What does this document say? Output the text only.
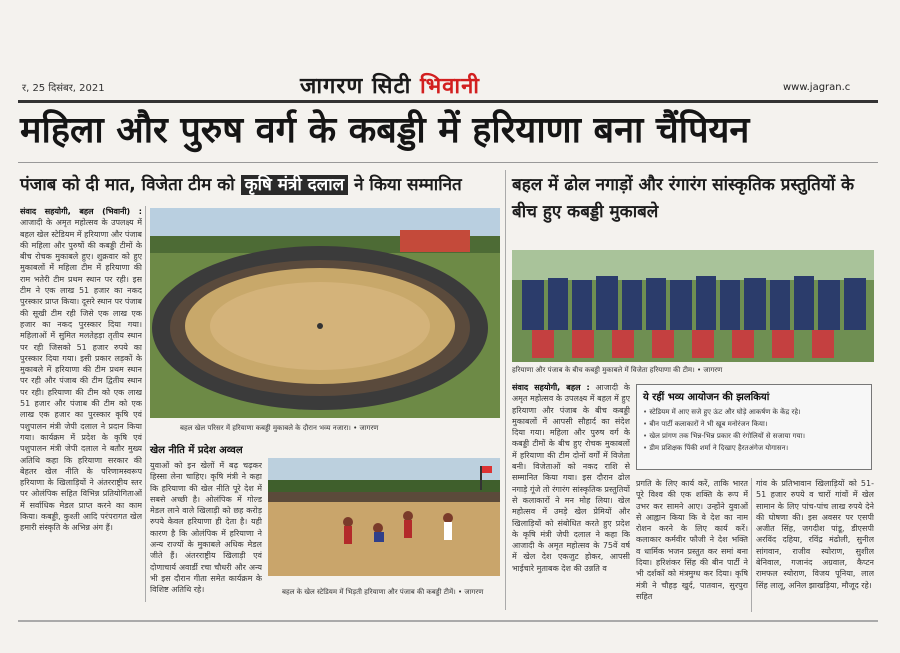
र, 25 दिसंबर, 2021	जागरण सिटी भिवानी	www.jagran.c
महिला और पुरुष वर्ग के कबड्डी में हरियाणा बना चैंपियन
पंजाब को दी मात, विजेता टीम को कृषि मंत्री दलाल ने किया सम्मानित	बहल में ढोल नगाड़ों और रंगारंग सांस्कृतिक प्रस्तुतियों के बीच हुए कबड्डी मुकाबले
संवाद सहयोगी, बहल (भिवानी) : आजादी के अमृत महोत्सव के उपलक्ष्य में बहल खेल स्टेडियम में हरियाणा और पंजाब की महिला और पुरुषों की कबड्डी टीमों के बीच रोचक मुकाबले हुए। शुक्रवार को हुए मुकाबलों में महिला टीम में हरियाणा की राम भतेरी टीम प्रथम स्थान पर रही। इस टीम ने एक लाख 51 हजार का नकद पुरस्कार प्राप्त किया। दूसरे स्थान पर पंजाब की सूखी टीम रही जिसे एक लाख एक हजार का नकद पुरस्कार दिया गया। महिलाओं में सुमित मलतेहड़ा तृतीय स्थान पर रही जिसको 51 हजार रुपये का पुरस्कार दिया गया। इसी प्रकार लड़कों के मुकाबले में हरियाणा की टीम प्रथम स्थान पर रही और पंजाब की टीम द्वितीय स्थान पर रही। हरियाणा की टीम को एक लाख 51 हजार और पंजाब की टीम को एक लाख एक हजार का पुरस्कार कृषि एवं पशुपालन मंत्री जेपी दलाल ने प्रदान किया गया। कार्यक्रम में प्रदेश के कृषि एवं पशुपालन मंत्री जेपी दलाल ने बतौर मुख्य अतिथि कहा कि हरियाणा सरकार की बेहतर खेल नीति के परिणामस्वरूप हरियाणा के खिलाड़ियों ने अंतरराष्ट्रीय स्तर पर ओलंपिक सहित विभिन्न प्रतियोगिताओं में सर्वाधिक मेडल प्राप्त करने का काम किया। कबड्डी, कुश्ती आदि परंपरागत खेल हमारी संस्कृति के अभिन्न अंग हैं।
बहल खेल परिसर में हरियाणा कबड्डी मुकाबले के दौरान भव्य नजारा। • जागरण
खेल नीति में प्रदेश अव्वल
युवाओं को इन खेलों में बढ़ चढ़कर हिस्सा लेना चाहिए। कृषि मंत्री ने कहा कि हरियाणा की खेल नीति पूरे देश में सबसे अच्छी है। ओलंपिक में गोल्ड मेडल लाने वाले खिलाड़ी को छह करोड़ रुपये केवल हरियाणा ही देता है। यही कारण है कि ओलंपिक में हरियाणा ने अन्य राज्यों के मुकाबले अधिक मेडल जीते हैं। अंतरराष्ट्रीय खिलाड़ी एवं दोणाचार्य अवार्डी रचा चौधरी और अन्य भी इस दौरान गीता समेत कार्यक्रम के विशिष्ट अतिथि रहे।	बहल के खेल स्टेडियम में भिड़ती हरियाणा और पंजाब की कबड्डी टीमें। • जागरण
हरियाणा और पंजाब के बीच कबड्डी मुकाबले में विजेता हरियाणा की टीम। • जागरण
संवाद सहयोगी, बहल : आजादी के अमृत महोत्सव के उपलक्ष्य में बहल में हुए हरियाणा और पंजाब के बीच कबड्डी मुकाबलों में आपसी सौहार्द का संदेश दिया गया। महिला और पुरुष वर्ग के कबड्डी टीमों के बीच हुए रोचक मुकाबलों में हरियाणा की टीम दोनों वर्गों में विजेता बनी। विजेताओं को नकद राशि से सम्मानित किया गया। इस दौरान ढोल नगाड़े गूंजे तो रंगारंग सांस्कृतिक प्रस्तुतियों से कलाकारों ने मन मोह लिया। खेल महोत्सव में उमड़े खेल प्रेमियों और खिलाड़ियों को संबोधित करते हुए प्रदेश के कृषि मंत्री जेपी दलाल ने कहा कि आजादी के अमृत महोत्सव के 75वें वर्ष में खेल देश एकजुट होकर, आपसी भाईचारे मुताबक देश की उन्नति व
ये रहीं भव्य आयोजन की झलकियां
• स्टेडियम में आए सजे हुए ऊंट और घोड़े आकर्षण के केंद्र रहे।
• बीन पार्टी कलाकारों ने भी खूब मनोरंजन किया।
• खेल प्रांगण तक भिन्न-भिन्न प्रकार की रंगोलियों से सजाया गया।
• डीम प्रशिक्षक पिंकी शर्मा ने दिखाए हैरतअंगेज योगासन।
प्रगति के लिए कार्य करें, ताकि भारत पूरे विश्व की एक शक्ति के रूप में उभर कर सामने आए। उन्होंने युवाओं से आह्वान किया कि वे देश का नाम रोशन करने के लिए कार्य करें। कलाकार कर्मवीर फौजी ने देश भक्ति व धार्मिक भजन प्रस्तुत कर समां बना दिया। हरिशंकर सिंह की बीन पार्टी ने भी दर्शकों को मंत्रमुग्ध कर दिया। कृषि मंत्री ने चौहड़ खुर्द, पातवान, सुरपुरा सहित
गांव के प्रतिभावान खिलाड़ियों को 51-51 हजार रुपये व चारों गांवों में खेल सामान के लिए पांच-पांच लाख रुपये देने की घोषणा की। इस अवसर पर एसपी अजीत सिंह, जगदीश पांडू, डीएसपी अरविंद दहिया, रविंद्र मंढोली, सुनील सांगवान, राजीव स्योराण, सुशील बेनिवाल, गजानंद अग्रवाल, कैप्टन रामफल स्योराण, विजय पूनिया, लाल सिंह लालू, अनिल झाखड़िया, मौजूद रहे।
